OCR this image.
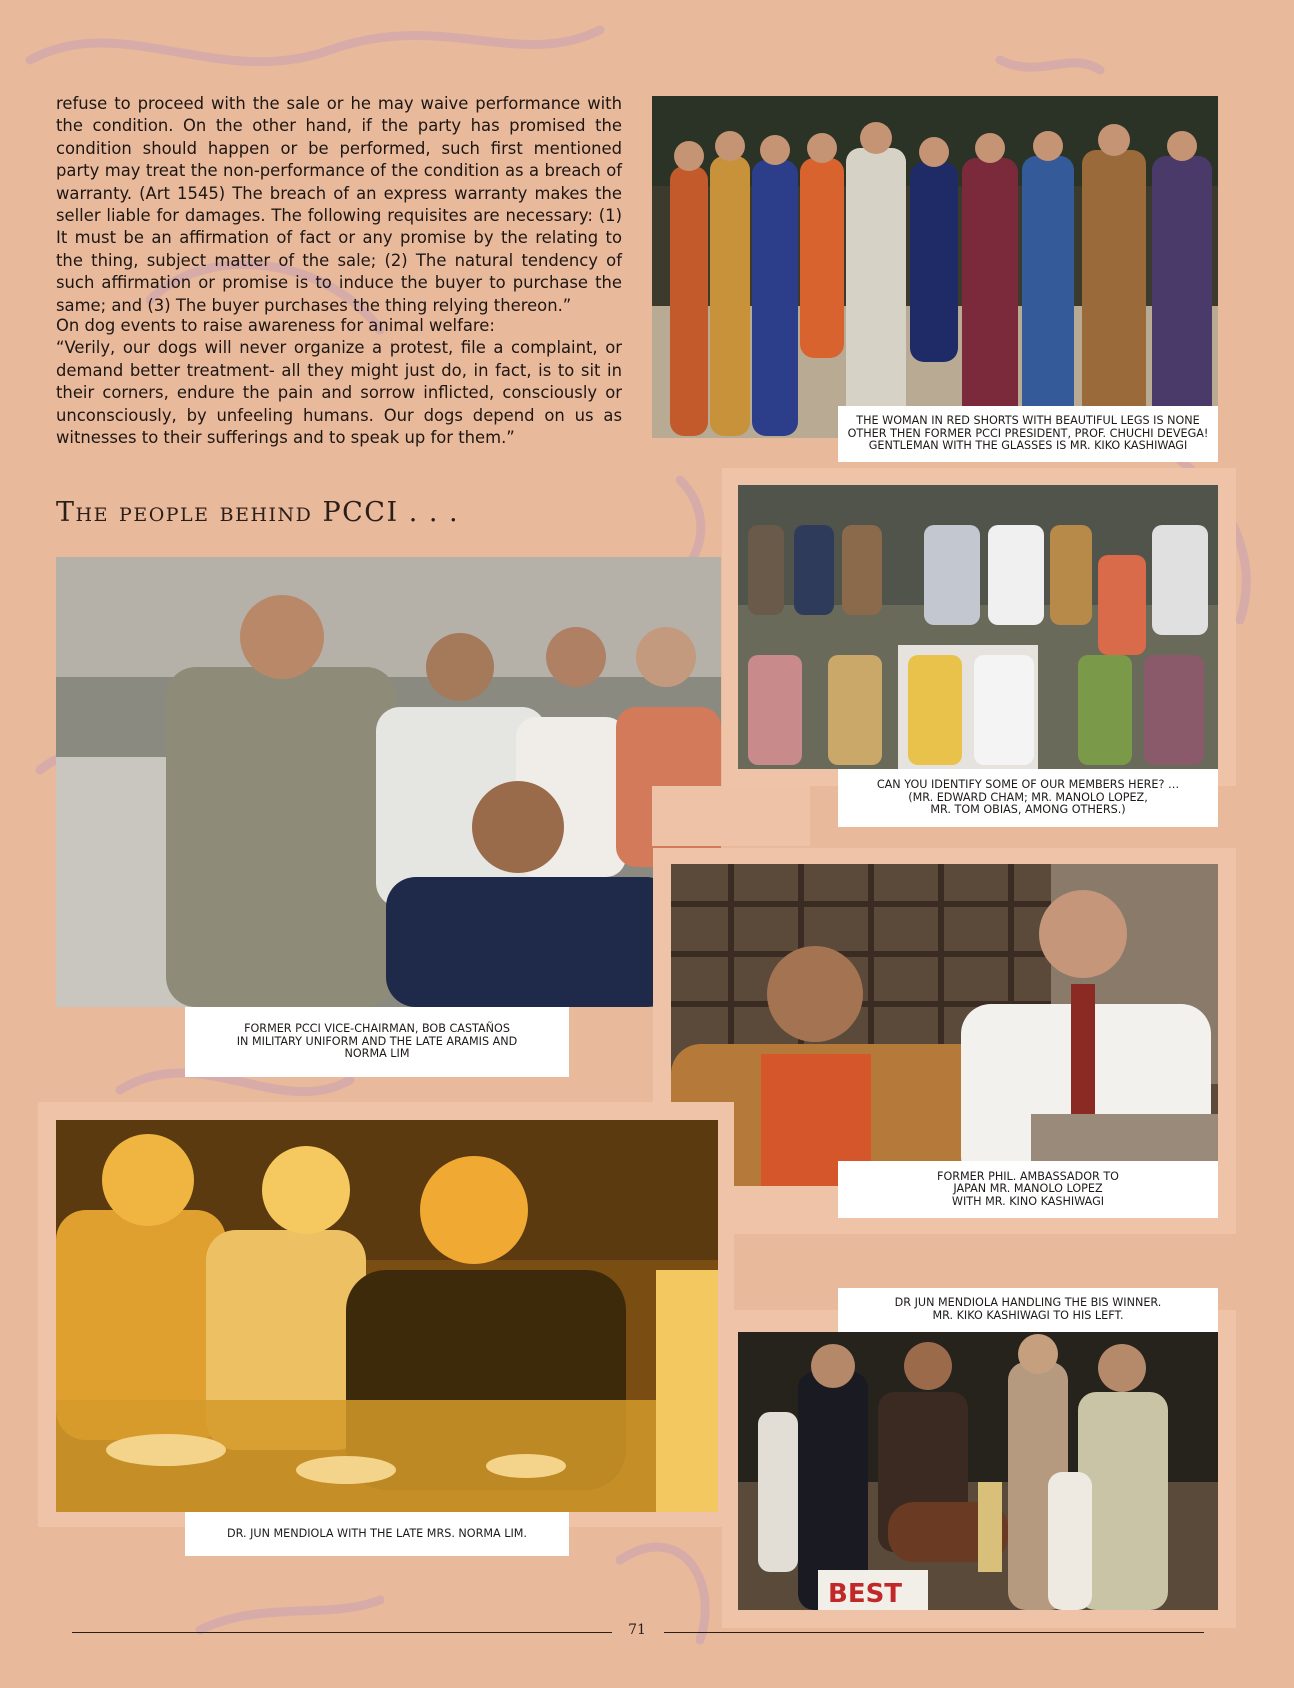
refuse to proceed with the sale or he may waive performance with the condition. On the other hand, if the party has promised the condition should happen or be performed, such first mentioned party may treat the non-performance of the condition as a breach of warranty. (Art 1545) The breach of an express warranty makes the seller liable for damages. The following requisites are necessary: (1) It must be an affirmation of fact or any promise by the relating to the thing, subject matter of the sale; (2) The natural tendency of such affirmation or promise is to induce the buyer to purchase the same; and (3) The buyer purchases the thing relying thereon.”

On dog events to raise awareness for animal welfare:
“Verily, our dogs will never organize a protest, file a complaint, or demand better treatment- all they might just do, in fact, is to sit in their corners, endure the pain and sorrow inflicted, consciously or unconsciously, by unfeeling humans. Our dogs depend on us as witnesses to their sufferings and to speak up for them.”
The people behind PCCI . . .
THE WOMAN IN RED SHORTS WITH BEAUTIFUL LEGS IS NONE
OTHER THEN FORMER PCCI PRESIDENT, PROF. CHUCHI DEVEGA!
GENTLEMAN WITH THE GLASSES IS MR. KIKO KASHIWAGI
CAN YOU IDENTIFY SOME OF OUR MEMBERS HERE? …
(MR. EDWARD CHAM; MR. MANOLO LOPEZ,
MR. TOM OBIAS, AMONG OTHERS.)
FORMER PCCI VICE-CHAIRMAN, BOB CASTAÑOS
IN MILITARY UNIFORM AND THE LATE ARAMIS AND
NORMA LIM
FORMER PHIL. AMBASSADOR TO
JAPAN MR. MANOLO LOPEZ
WITH MR. KINO KASHIWAGI
DR. JUN MENDIOLA WITH THE LATE MRS. NORMA LIM.
DR JUN MENDIOLA HANDLING THE BIS WINNER.
MR. KIKO KASHIWAGI TO HIS LEFT.
BEST
71
